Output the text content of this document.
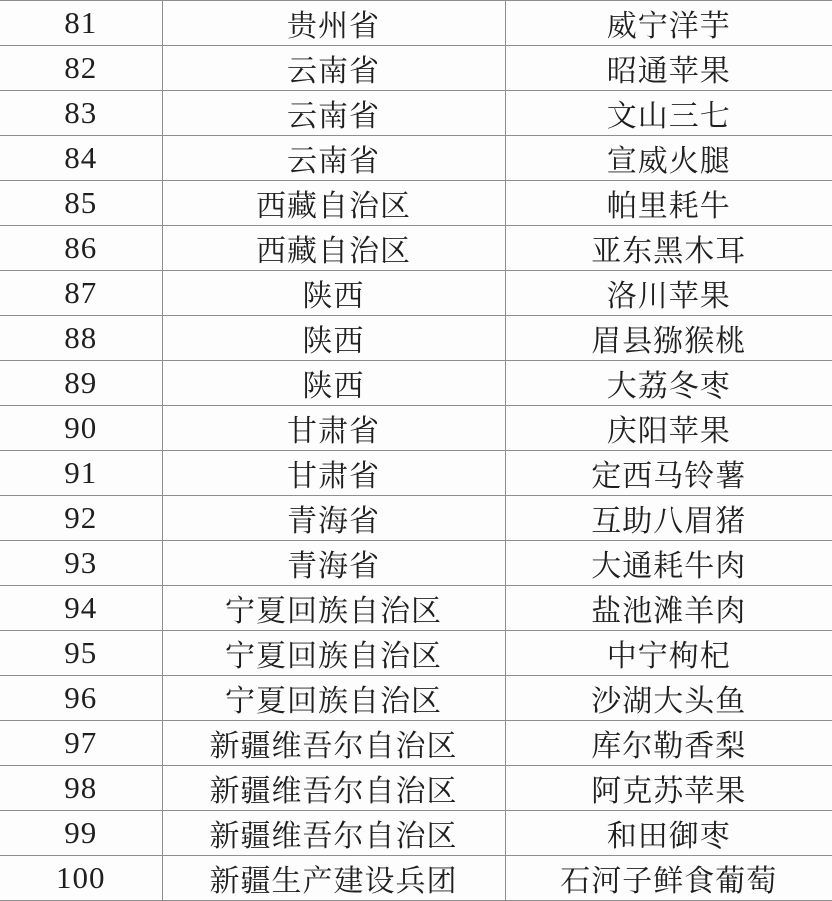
81	贵州省	威宁洋芋
82	云南省	昭通苹果
83	云南省	文山三七
84	云南省	宣威火腿
85	西藏自治区	帕里耗牛
86	西藏自治区	亚东黑木耳
87	陕西	洛川苹果
88	陕西	眉县猕猴桃
89	陕西	大荔冬枣
90	甘肃省	庆阳苹果
91	甘肃省	定西马铃薯
92	青海省	互助八眉猪
93	青海省	大通耗牛肉
94	宁夏回族自治区	盐池滩羊肉
95	宁夏回族自治区	中宁枸杞
96	宁夏回族自治区	沙湖大头鱼
97	新疆维吾尔自治区	库尔勒香梨
98	新疆维吾尔自治区	阿克苏苹果
99	新疆维吾尔自治区	和田御枣
100	新疆生产建设兵团	石河子鲜食葡萄
